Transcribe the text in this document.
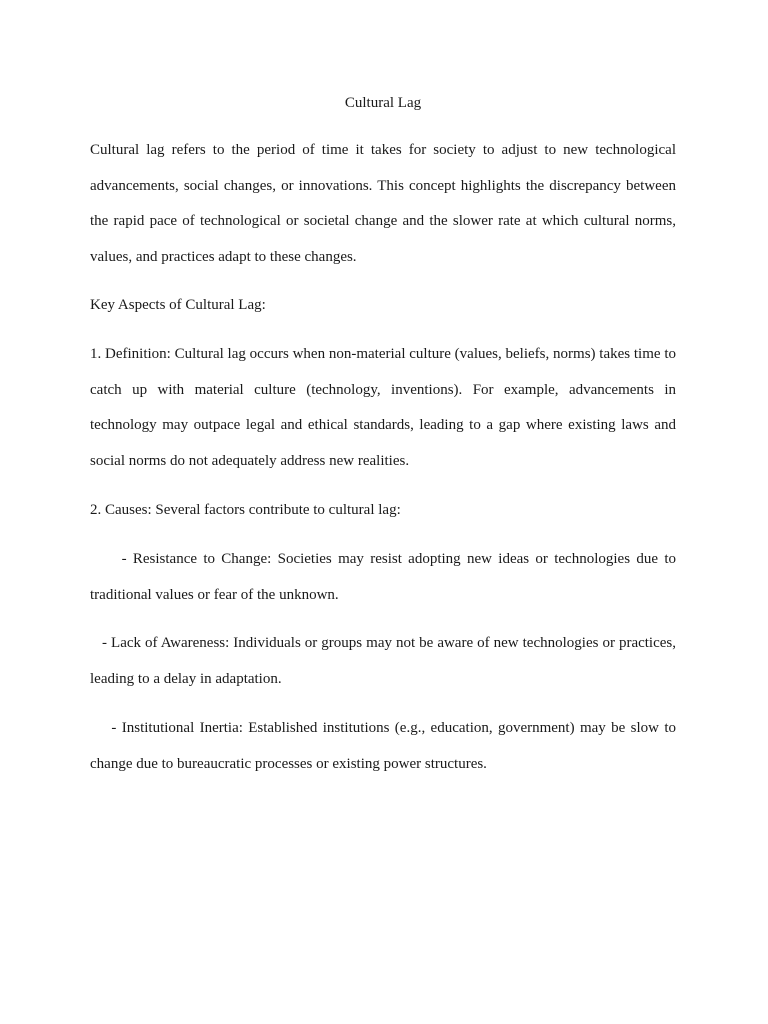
Cultural Lag

Cultural lag refers to the period of time it takes for society to adjust to new technological advancements, social changes, or innovations. This concept highlights the discrepancy between the rapid pace of technological or societal change and the slower rate at which cultural norms, values, and practices adapt to these changes.

Key Aspects of Cultural Lag:

1. Definition: Cultural lag occurs when non-material culture (values, beliefs, norms) takes time to catch up with material culture (technology, inventions). For example, advancements in technology may outpace legal and ethical standards, leading to a gap where existing laws and social norms do not adequately address new realities.

2. Causes: Several factors contribute to cultural lag:

- Resistance to Change: Societies may resist adopting new ideas or technologies due to traditional values or fear of the unknown.

- Lack of Awareness: Individuals or groups may not be aware of new technologies or practices, leading to a delay in adaptation.

- Institutional Inertia: Established institutions (e.g., education, government) may be slow to change due to bureaucratic processes or existing power structures.
